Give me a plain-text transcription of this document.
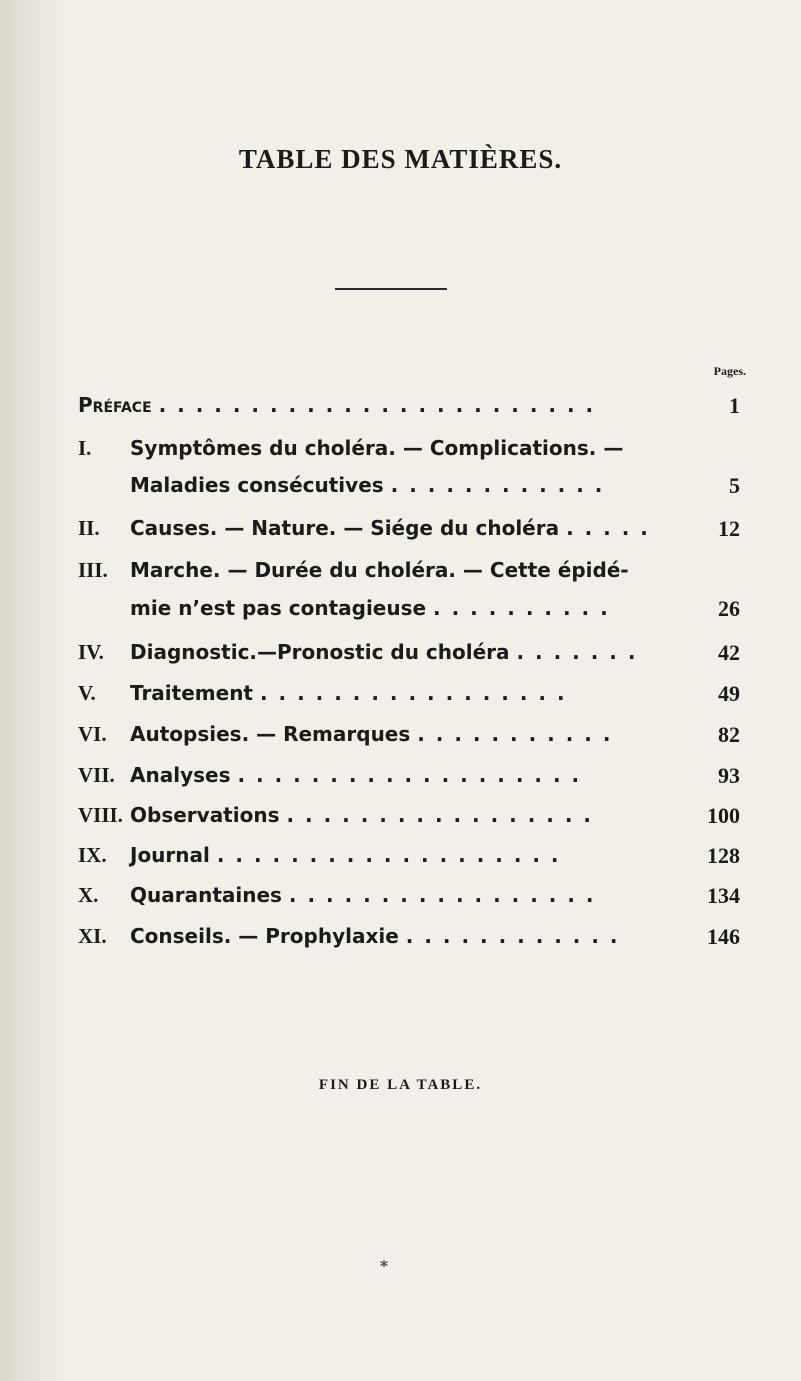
TABLE DES MATIÈRES.
Pages.
Préface . . . . . . . . . . . . . . . . . . . . . . . .	1
I. Symptômes du choléra. — Complications. —
Maladies consécutives . . . . . . . . . . . .	5
II. Causes. — Nature. — Siége du choléra . . . . .	12
III. Marche. — Durée du choléra. — Cette épidé-
mie n’est pas contagieuse . . . . . . . . . .	26
IV. Diagnostic.—Pronostic du choléra . . . . . . .	42
V. Traitement . . . . . . . . . . . . . . . . .	49
VI. Autopsies. — Remarques . . . . . . . . . . .	82
VII. Analyses . . . . . . . . . . . . . . . . . . .	93
VIII. Observations . . . . . . . . . . . . . . . . .	100
IX. Journal . . . . . . . . . . . . . . . . . . .	128
X. Quarantaines . . . . . . . . . . . . . . . . .	134
XI. Conseils. — Prophylaxie . . . . . . . . . . . .	146
FIN DE LA TABLE.
*
